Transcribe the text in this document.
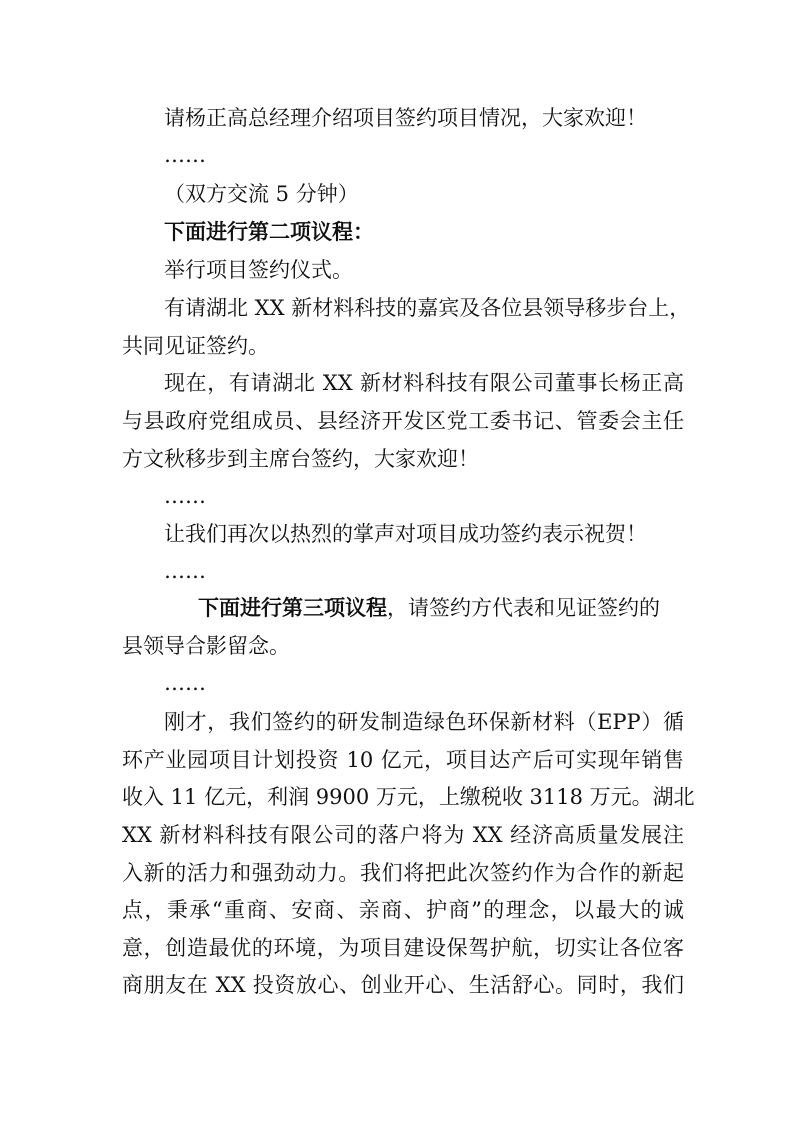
请杨正高总经理介绍项目签约项目情况，大家欢迎！
……
（双方交流 5 分钟）
下面进行第二项议程：
举行项目签约仪式。
有请湖北 XX 新材料科技的嘉宾及各位县领导移步台上，
共同见证签约。
现在，有请湖北 XX 新材料科技有限公司董事长杨正高
与县政府党组成员、县经济开发区党工委书记、管委会主任
方文秋移步到主席台签约，大家欢迎！
……
让我们再次以热烈的掌声对项目成功签约表示祝贺！
……
下面进行第三项议程，请签约方代表和见证签约的
县领导合影留念。
……
刚才，我们签约的研发制造绿色环保新材料（EPP）循
环产业园项目计划投资 10 亿元，项目达产后可实现年销售
收入 11 亿元，利润 9900 万元，上缴税收 3118 万元。湖北
XX 新材料科技有限公司的落户将为 XX 经济高质量发展注
入新的活力和强劲动力。我们将把此次签约作为合作的新起
点，秉承“重商、安商、亲商、护商”的理念，以最大的诚
意，创造最优的环境，为项目建设保驾护航，切实让各位客
商朋友在 XX 投资放心、创业开心、生活舒心。同时，我们
